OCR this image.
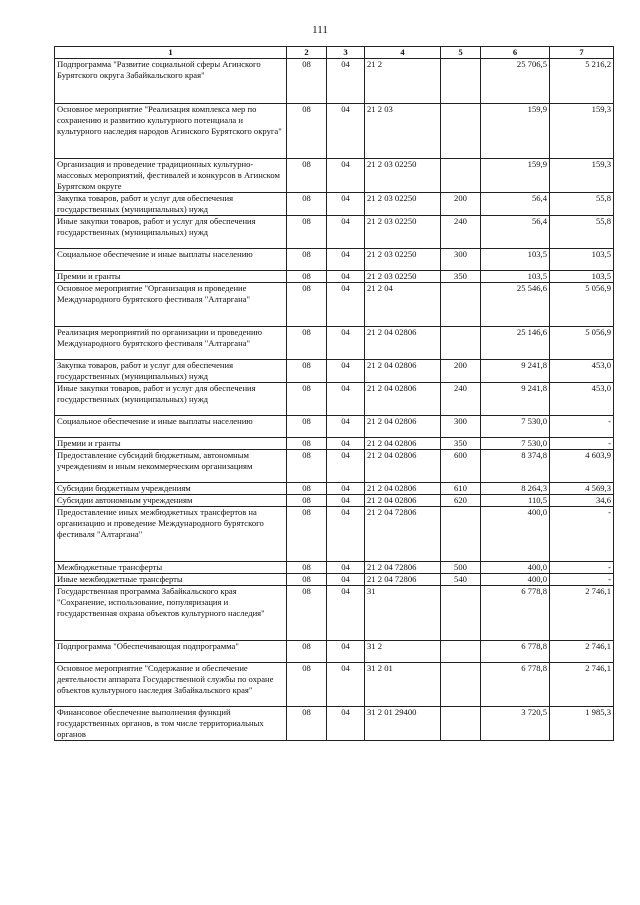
111
1	2	3	4	5	6	7
Подпрограмма "Развитие социальной сферы Агинского Бурятского округа Забайкальского края"	08	04	21 2		25 706,5	5 216,2
Основное мероприятие "Реализация комплекса мер по сохранению и развитию культурного потенциала и культурного наследия народов Агинского Бурятского округа"	08	04	21 2 03		159,9	159,3
Организация и проведение традиционных культурно-массовых мероприятий, фестивалей и конкурсов в Агинском Бурятском округе	08	04	21 2 03 02250		159,9	159,3
Закупка товаров, работ и услуг для обеспечения государственных (муниципальных) нужд	08	04	21 2 03 02250	200	56,4	55,8
Иные закупки товаров, работ и услуг для обеспечения государственных (муниципальных) нужд	08	04	21 2 03 02250	240	56,4	55,8
Социальное обеспечение и иные выплаты населению	08	04	21 2 03 02250	300	103,5	103,5
Премии и гранты	08	04	21 2 03 02250	350	103,5	103,5
Основное мероприятие "Организация и проведение Международного бурятского фестиваля "Алтаргана"	08	04	21 2 04		25 546,6	5 056,9
Реализация мероприятий по организации и проведению Международного бурятского фестиваля "Алтаргана"	08	04	21 2 04 02806		25 146,6	5 056,9
Закупка товаров, работ и услуг для обеспечения государственных (муниципальных) нужд	08	04	21 2 04 02806	200	9 241,8	453,0
Иные закупки товаров, работ и услуг для обеспечения государственных (муниципальных) нужд	08	04	21 2 04 02806	240	9 241,8	453,0
Социальное обеспечение и иные выплаты населению	08	04	21 2 04 02806	300	7 530,0	-
Премии и гранты	08	04	21 2 04 02806	350	7 530,0	-
Предоставление субсидий бюджетным, автономным учреждениям и иным некоммерческим организациям	08	04	21 2 04 02806	600	8 374,8	4 603,9
Субсидии бюджетным учреждениям	08	04	21 2 04 02806	610	8 264,3	4 569,3
Субсидии автономным учреждениям	08	04	21 2 04 02806	620	110,5	34,6
Предоставление иных межбюджетных трансфертов на организацию и проведение Международного бурятского фестиваля "Алтаргана"	08	04	21 2 04 72806		400,0	-
Межбюджетные трансферты	08	04	21 2 04 72806	500	400,0	-
Иные межбюджетные трансферты	08	04	21 2 04 72806	540	400,0	-
Государственная программа Забайкальского края "Сохранение, использование, популяризация и государственная охрана объектов культурного наследия"	08	04	31		6 778,8	2 746,1
Подпрограмма "Обеспечивающая подпрограмма"	08	04	31 2		6 778,8	2 746,1
Основное мероприятие "Содержание и обеспечение деятельности аппарата Государственной службы по охране объектов культурного наследия Забайкальского края"	08	04	31 2 01		6 778,8	2 746,1
Финансовое обеспечение выполнения функций государственных органов, в том числе территориальных органов	08	04	31 2 01 29400		3 720,5	1 985,3
